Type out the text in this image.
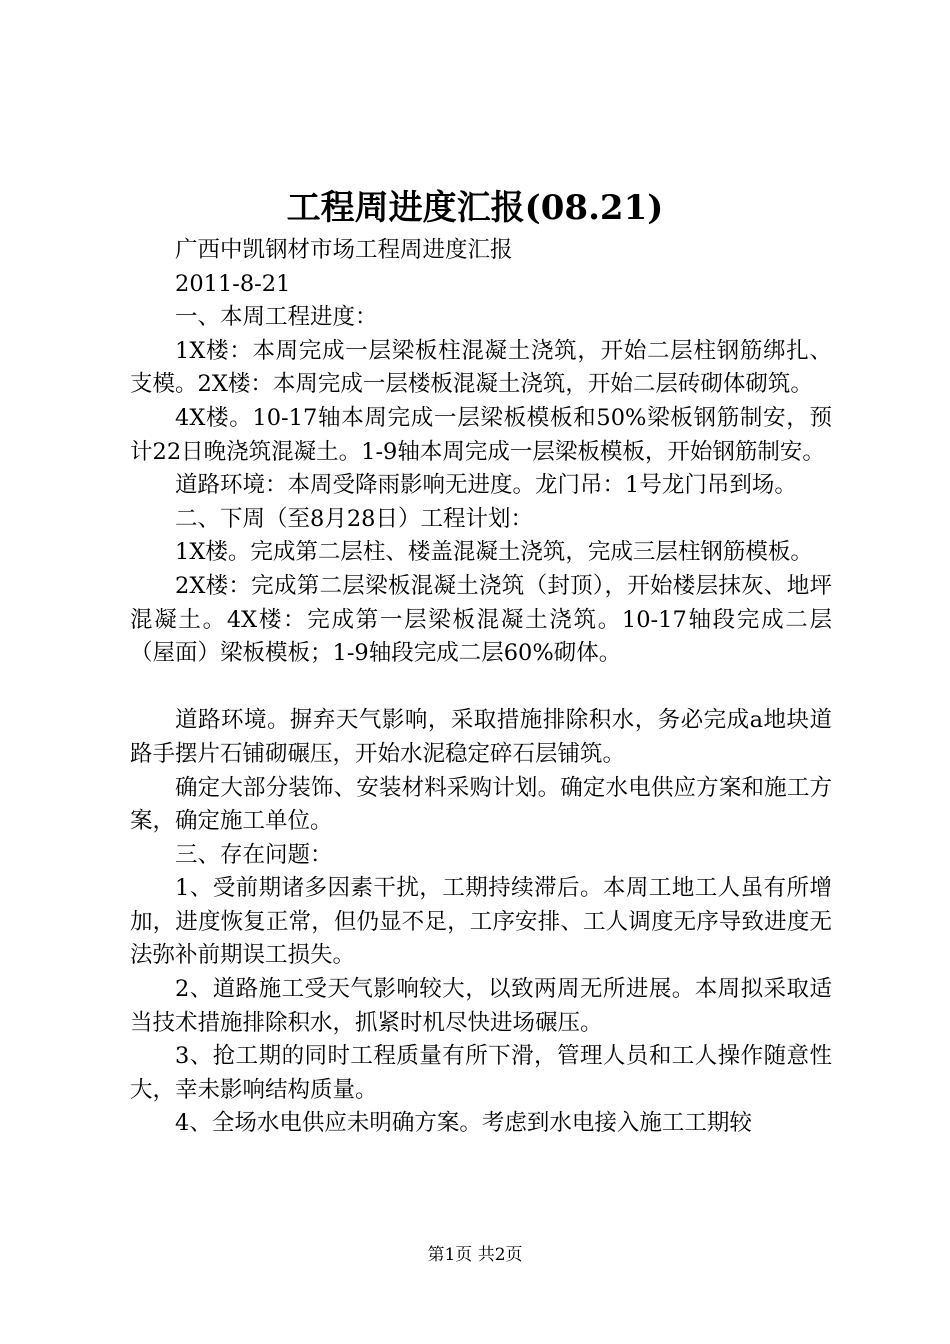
工程周进度汇报(08.21)

广西中凯钢材市场工程周进度汇报

2011-8-21

一、本周工程进度：

1X楼：本周完成一层梁板柱混凝土浇筑，开始二层柱钢筋绑扎、支模。2X楼：本周完成一层楼板混凝土浇筑，开始二层砖砌体砌筑。

4X楼。10-17轴本周完成一层梁板模板和50%梁板钢筋制安，预计22日晚浇筑混凝土。1-9轴本周完成一层梁板模板，开始钢筋制安。

道路环境：本周受降雨影响无进度。龙门吊：1号龙门吊到场。

二、下周（至8月28日）工程计划：

1X楼。完成第二层柱、楼盖混凝土浇筑，完成三层柱钢筋模板。

2X楼：完成第二层梁板混凝土浇筑（封顶），开始楼层抹灰、地坪混凝土。4X楼：完成第一层梁板混凝土浇筑。10-17轴段完成二层（屋面）梁板模板；1-9轴段完成二层60%砌体。

道路环境。摒弃天气影响，采取措施排除积水，务必完成a地块道路手摆片石铺砌碾压，开始水泥稳定碎石层铺筑。

确定大部分装饰、安装材料采购计划。确定水电供应方案和施工方案，确定施工单位。

三、存在问题：

1、受前期诸多因素干扰，工期持续滞后。本周工地工人虽有所增加，进度恢复正常，但仍显不足，工序安排、工人调度无序导致进度无法弥补前期误工损失。

2、道路施工受天气影响较大，以致两周无所进展。本周拟采取适当技术措施排除积水，抓紧时机尽快进场碾压。

3、抢工期的同时工程质量有所下滑，管理人员和工人操作随意性大，幸未影响结构质量。

4、全场水电供应未明确方案。考虑到水电接入施工工期较

第1页 共2页
